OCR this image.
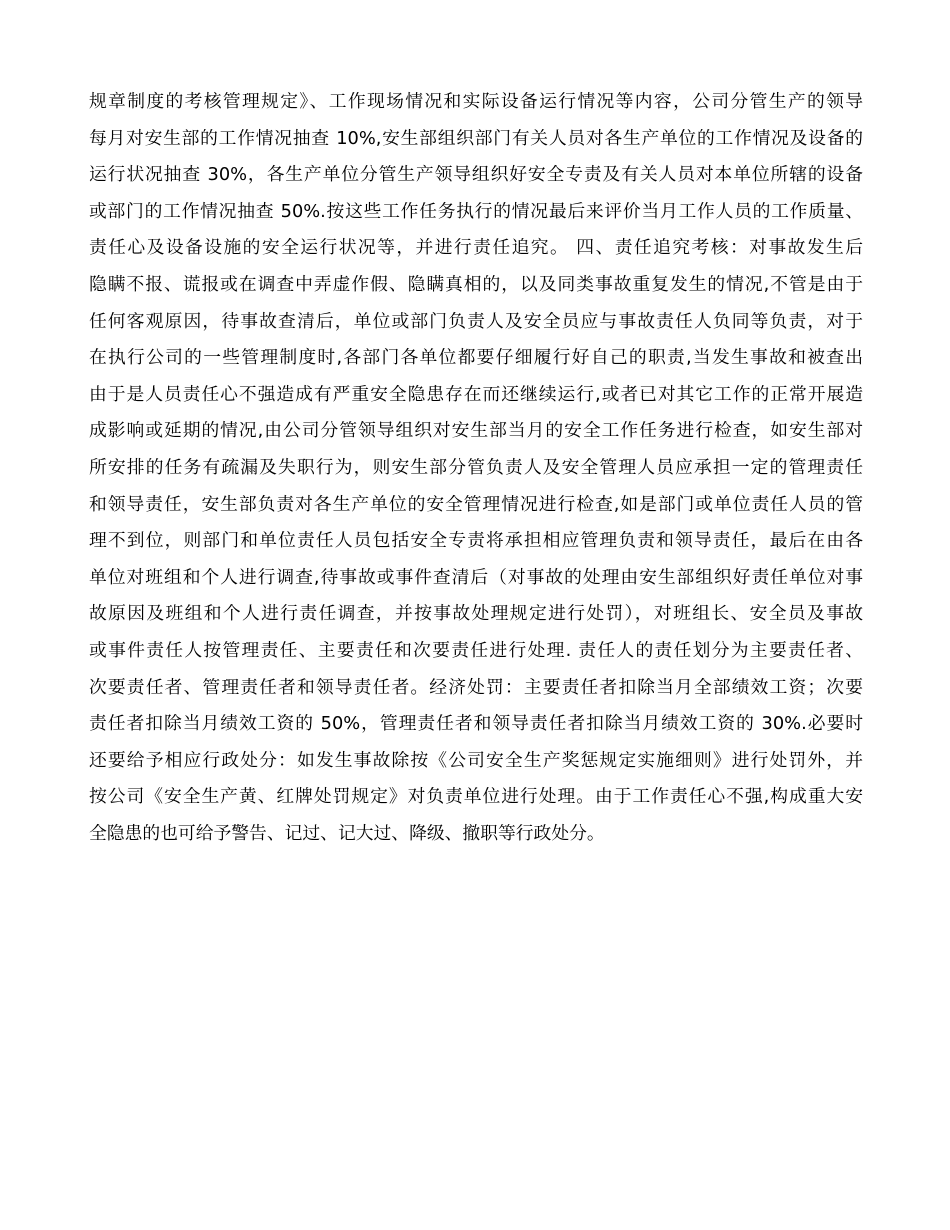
规章制度的考核管理规定》、工作现场情况和实际设备运行情况等内容，公司分管生产的领导
每月对安生部的工作情况抽查 10%,安生部组织部门有关人员对各生产单位的工作情况及设备的
运行状况抽查 30%，各生产单位分管生产领导组织好安全专责及有关人员对本单位所辖的设备
或部门的工作情况抽查 50%.按这些工作任务执行的情况最后来评价当月工作人员的工作质量、
责任心及设备设施的安全运行状况等，并进行责任追究。 四、责任追究考核：对事故发生后
隐瞒不报、谎报或在调查中弄虚作假、隐瞒真相的，以及同类事故重复发生的情况,不管是由于
任何客观原因，待事故查清后，单位或部门负责人及安全员应与事故责任人负同等负责，对于
在执行公司的一些管理制度时,各部门各单位都要仔细履行好自己的职责,当发生事故和被查出
由于是人员责任心不强造成有严重安全隐患存在而还继续运行,或者已对其它工作的正常开展造
成影响或延期的情况,由公司分管领导组织对安生部当月的安全工作任务进行检查，如安生部对
所安排的任务有疏漏及失职行为，则安生部分管负责人及安全管理人员应承担一定的管理责任
和领导责任，安生部负责对各生产单位的安全管理情况进行检查,如是部门或单位责任人员的管
理不到位，则部门和单位责任人员包括安全专责将承担相应管理负责和领导责任，最后在由各
单位对班组和个人进行调查,待事故或事件查清后（对事故的处理由安生部组织好责任单位对事
故原因及班组和个人进行责任调查，并按事故处理规定进行处罚），对班组长、安全员及事故
或事件责任人按管理责任、主要责任和次要责任进行处理. 责任人的责任划分为主要责任者、
次要责任者、管理责任者和领导责任者。经济处罚：主要责任者扣除当月全部绩效工资；次要
责任者扣除当月绩效工资的 50%，管理责任者和领导责任者扣除当月绩效工资的 30%.必要时
还要给予相应行政处分：如发生事故除按《公司安全生产奖惩规定实施细则》进行处罚外，并
按公司《安全生产黄、红牌处罚规定》对负责单位进行处理。由于工作责任心不强,构成重大安
全隐患的也可给予警告、记过、记大过、降级、撤职等行政处分。
